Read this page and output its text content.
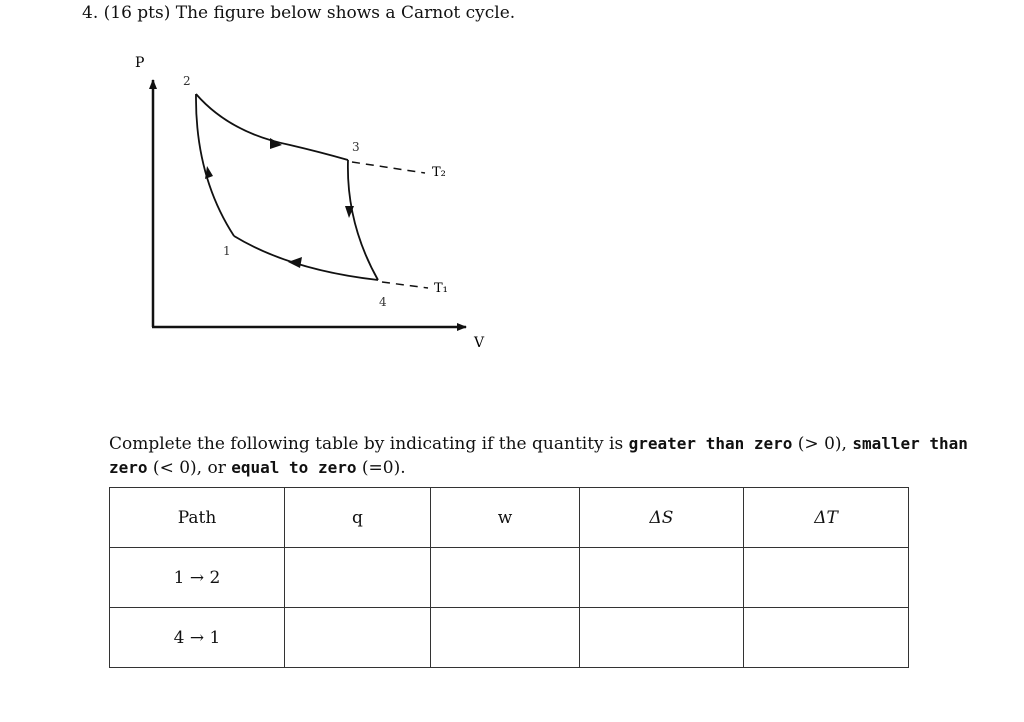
4. (16 pts) The figure below shows a Carnot cycle.
P
V
T₂
T₁
1
2
3
4
Complete the following table by indicating if the quantity is greater than zero (> 0), smaller than zero (< 0), or equal to zero (=0).
Path	q	w	ΔS	ΔT
1 → 2				
4 → 1				
